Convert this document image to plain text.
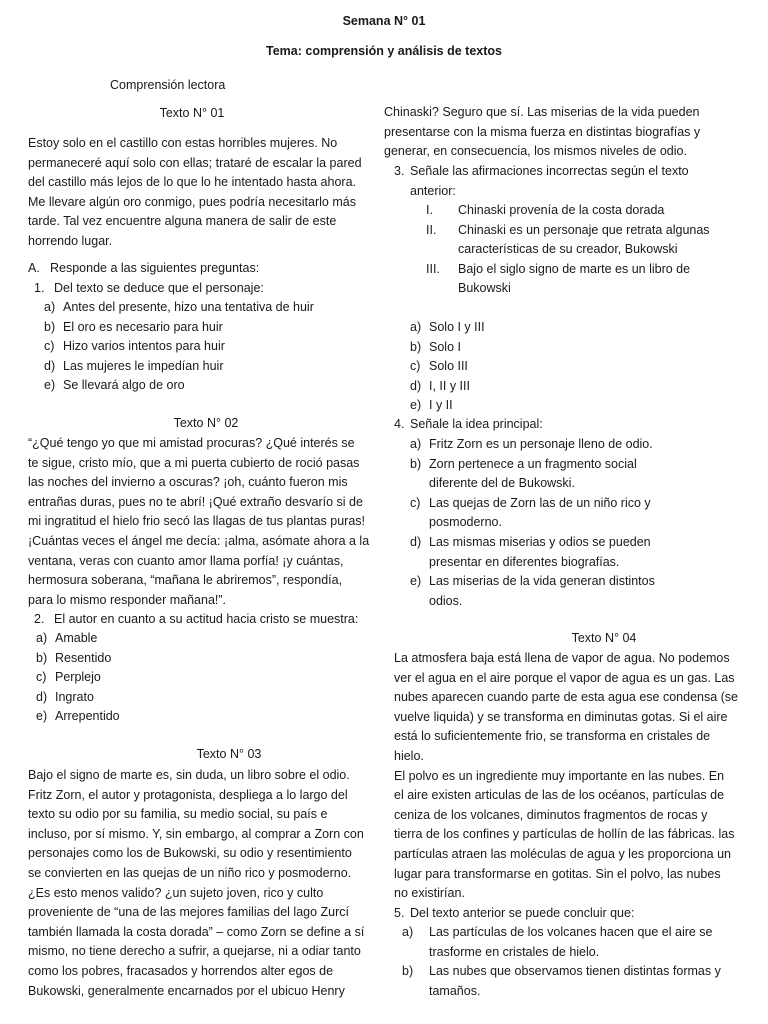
Semana N° 01
Tema: comprensión y análisis de textos
Comprensión lectora
Texto N° 01

Estoy solo en el castillo con estas horribles mujeres. No

permaneceré aquí solo con ellas; trataré de escalar la pared

del castillo más lejos de lo que lo he intentado hasta ahora.

Me llevare algún oro conmigo, pues podría necesitarlo más

tarde. Tal vez encuentre alguna manera de salir de este

horrendo lugar.

A. Responde a las siguientes preguntas:
1. Del texto se deduce que el personaje:
a) Antes del presente, hizo una tentativa de huir
b) El oro es necesario para huir
c) Hizo varios intentos para huir
d) Las mujeres le impedían huir
e) Se llevará algo de oro
Texto N° 02

“¿Qué tengo yo que mi amistad procuras? ¿Qué interés se

te sigue, cristo mío, que a mi puerta cubierto de roció pasas

las noches del invierno a oscuras? ¡oh, cuánto fueron mis

entrañas duras, pues no te abrí! ¡Qué extraño desvarío si de

mi ingratitud el hielo frio secó las llagas de tus plantas puras!

¡Cuántas veces el ángel me decía: ¡alma, asómate ahora a la

ventana, veras con cuanto amor llama porfía! ¡y cuántas,

hermosura soberana, “mañana le abriremos”, respondía,

para lo mismo responder mañana!”.

2. El autor en cuanto a su actitud hacia cristo se muestra:
a) Amable
b) Resentido
c) Perplejo
d) Ingrato
e) Arrepentido
Texto N° 03

Bajo el signo de marte es, sin duda, un libro sobre el odio.

Fritz Zorn, el autor y protagonista, despliega a lo largo del

texto su odio por su familia, su medio social, su país e

incluso, por sí mismo. Y, sin embargo, al comprar a Zorn con

personajes como los de Bukowski, su odio y resentimiento

se convierten en las quejas de un niño rico y posmoderno.

¿Es esto menos valido? ¿un sujeto joven, rico y culto

proveniente de “una de las mejores familias del lago Zurcí

también llamada la costa dorada” – como Zorn se define a sí

mismo, no tiene derecho a sufrir, a quejarse, ni a odiar tanto

como los pobres, fracasados y horrendos alter egos de

Bukowski, generalmente encarnados por el ubicuo Henry

Chinaski? Seguro que sí. Las miserias de la vida pueden

presentarse con la misma fuerza en distintas biografías y

generar, en consecuencia, los mismos niveles de odio.

3. Señale las afirmaciones incorrectas según el texto
anterior:
I. Chinaski provenía de la costa dorada
II. Chinaski es un personaje que retrata algunas
características de su creador, Bukowski
III. Bajo el siglo signo de marte es un libro de
Bukowski
a) Solo I y III
b) Solo I
c) Solo III
d) I, II y III
e) I y II
4. Señale la idea principal:
a) Fritz Zorn es un personaje lleno de odio.
b) Zorn pertenece a un fragmento social
diferente del de Bukowski.
c) Las quejas de Zorn las de un niño rico y
posmoderno.
d) Las mismas miserias y odios se pueden
presentar en diferentes biografías.
e) Las miserias de la vida generan distintos
odios.
Texto N° 04

La atmosfera baja está llena de vapor de agua. No podemos

ver el agua en el aire porque el vapor de agua es un gas. Las

nubes aparecen cuando parte de esta agua ese condensa (se

vuelve liquida) y se transforma en diminutas gotas. Si el aire

está lo suficientemente frio, se transforma en cristales de

hielo.

El polvo es un ingrediente muy importante en las nubes. En

el aire existen articulas de las de los océanos, partículas de

ceniza de los volcanes, diminutos fragmentos de rocas y

tierra de los confines y partículas de hollín de las fábricas. las

partículas atraen las moléculas de agua y les proporciona un

lugar para transformarse en gotitas. Sin el polvo, las nubes

no existirían.

5. Del texto anterior se puede concluir que:
a) Las partículas de los volcanes hacen que el aire se
trasforme en cristales de hielo.
b) Las nubes que observamos tienen distintas formas y
tamaños.
